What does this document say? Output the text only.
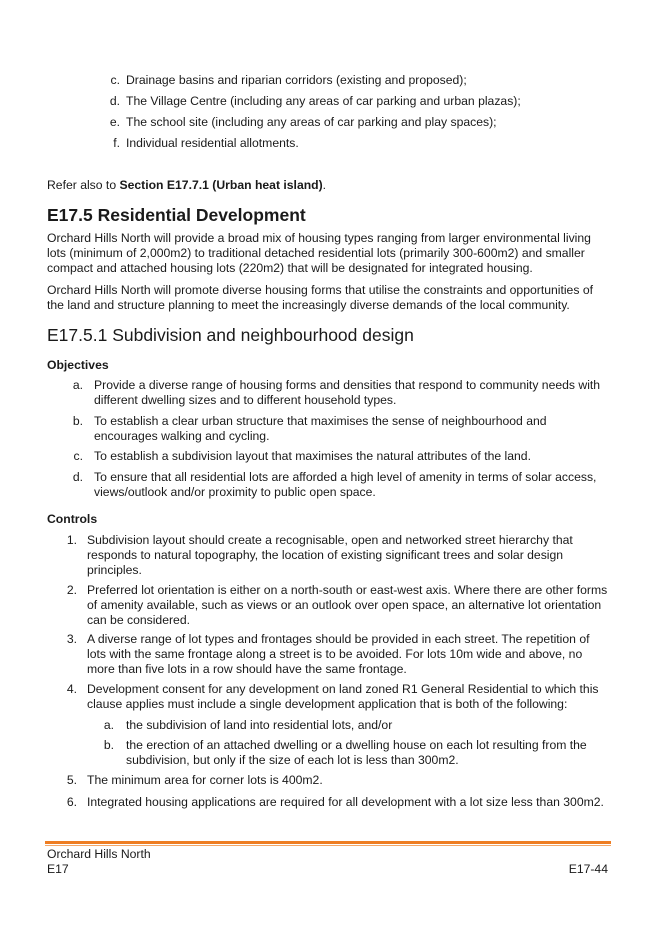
c. Drainage basins and riparian corridors (existing and proposed);
d. The Village Centre (including any areas of car parking and urban plazas);
e. The school site (including any areas of car parking and play spaces);
f. Individual residential allotments.
Refer also to Section E17.7.1 (Urban heat island).
E17.5 Residential Development

Orchard Hills North will provide a broad mix of housing types ranging from larger environmental living lots (minimum of 2,000m2) to traditional detached residential lots (primarily 300-600m2) and smaller compact and attached housing lots (220m2) that will be designated for integrated housing.

Orchard Hills North will promote diverse housing forms that utilise the constraints and opportunities of the land and structure planning to meet the increasingly diverse demands of the local community.

E17.5.1 Subdivision and neighbourhood design
Objectives
a. Provide a diverse range of housing forms and densities that respond to community needs with different dwelling sizes and to different household types.
b. To establish a clear urban structure that maximises the sense of neighbourhood and encourages walking and cycling.
c. To establish a subdivision layout that maximises the natural attributes of the land.
d. To ensure that all residential lots are afforded a high level of amenity in terms of solar access, views/outlook and/or proximity to public open space.
Controls
1. Subdivision layout should create a recognisable, open and networked street hierarchy that responds to natural topography, the location of existing significant trees and solar design principles.
2. Preferred lot orientation is either on a north-south or east-west axis. Where there are other forms of amenity available, such as views or an outlook over open space, an alternative lot orientation can be considered.
3. A diverse range of lot types and frontages should be provided in each street. The repetition of lots with the same frontage along a street is to be avoided. For lots 10m wide and above, no more than five lots in a row should have the same frontage.
4. Development consent for any development on land zoned R1 General Residential to which this clause applies must include a single development application that is both of the following:
a. the subdivision of land into residential lots, and/or
b. the erection of an attached dwelling or a dwelling house on each lot resulting from the subdivision, but only if the size of each lot is less than 300m2.
5. The minimum area for corner lots is 400m2.
6. Integrated housing applications are required for all development with a lot size less than 300m2.
Orchard Hills North
E17	E17-44
